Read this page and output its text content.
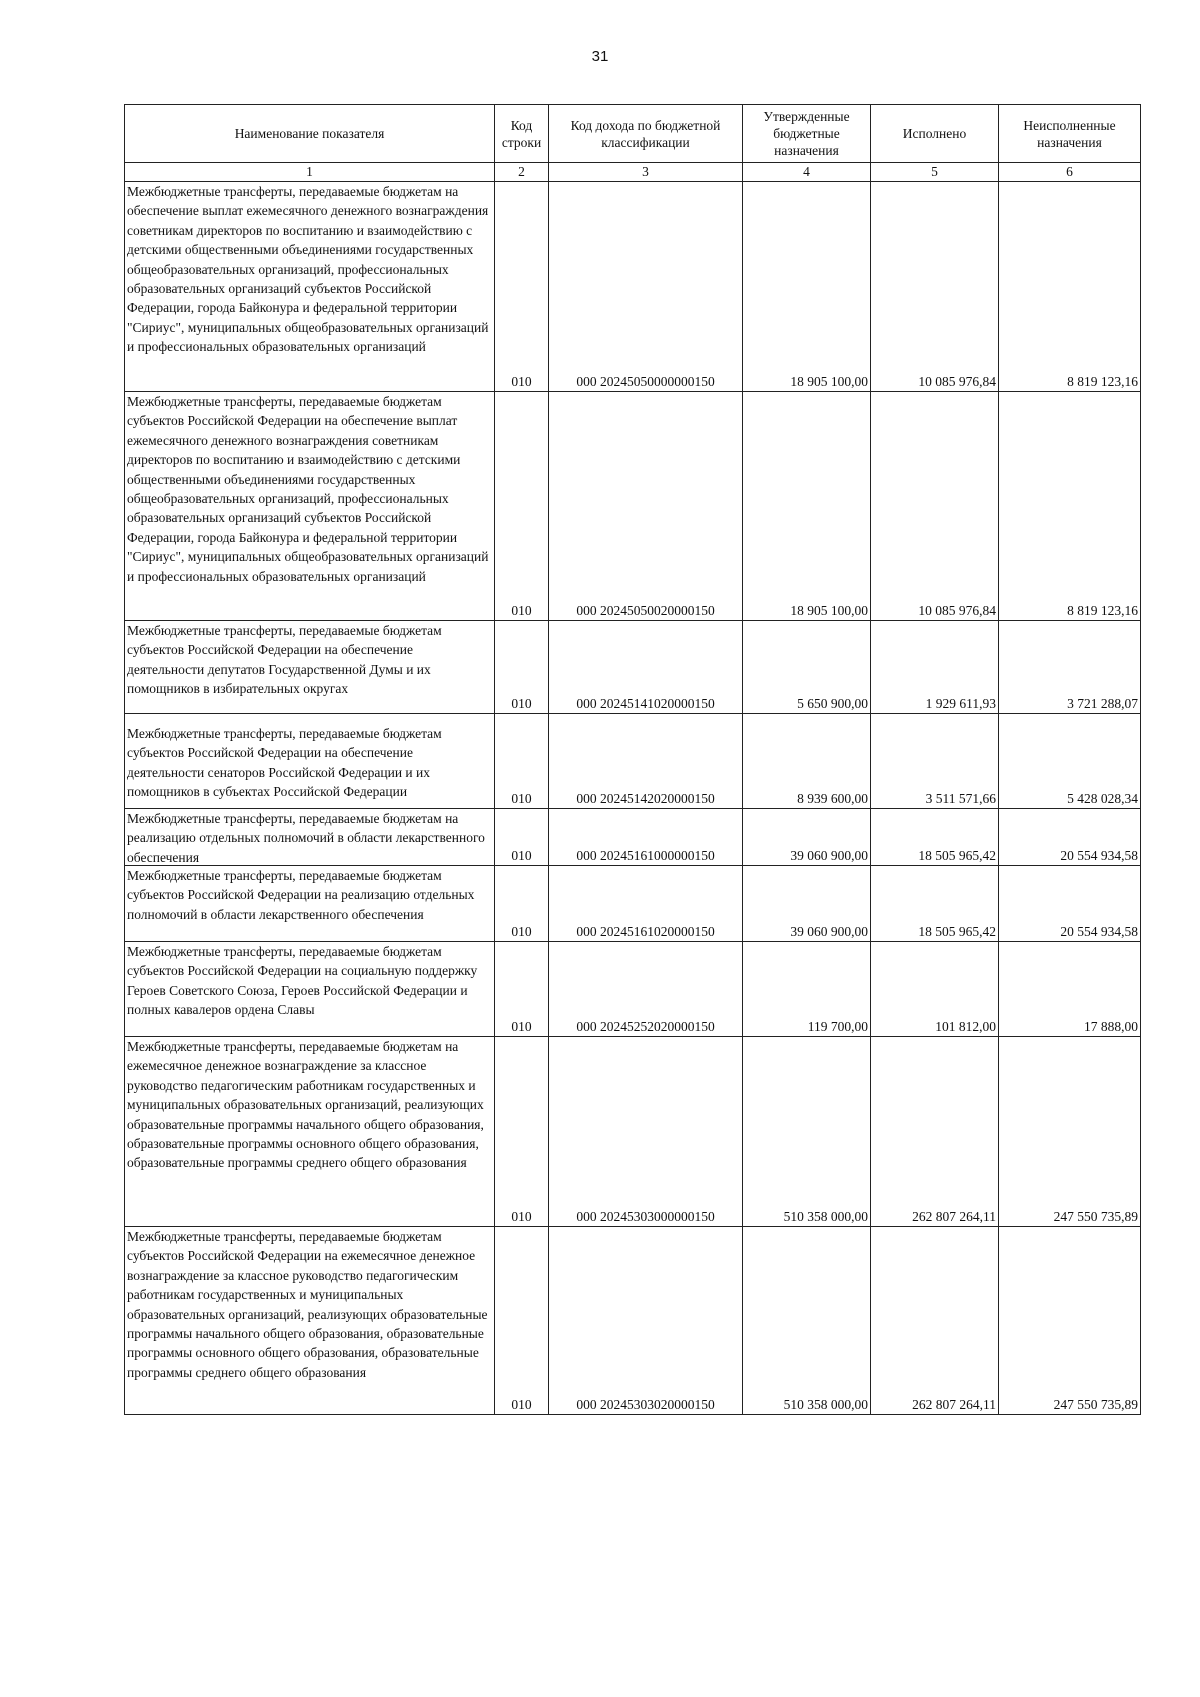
31
Наименование показателя	Код строки	Код дохода по бюджетной классификации	Утвержденные бюджетные назначения	Исполнено	Неисполненные назначения
1	2	3	4	5	6

Межбюджетные трансферты, передаваемые бюджетам на обеспечение выплат ежемесячного денежного вознаграждения советникам директоров по воспитанию и взаимодействию с детскими общественными объединениями государственных общеобразовательных организаций, профессиональных образовательных организаций субъектов Российской Федерации, города Байконура и федеральной территории "Сириус", муниципальных общеобразовательных организаций и профессиональных образовательных организаций	010	000 20245050000000150	18 905 100,00	10 085 976,84	8 819 123,16

Межбюджетные трансферты, передаваемые бюджетам субъектов Российской Федерации на обеспечение выплат ежемесячного денежного вознаграждения советникам директоров по воспитанию и взаимодействию с детскими общественными объединениями государственных общеобразовательных организаций, профессиональных образовательных организаций субъектов Российской Федерации, города Байконура и федеральной территории "Сириус", муниципальных общеобразовательных организаций и профессиональных образовательных организаций	010	000 20245050020000150	18 905 100,00	10 085 976,84	8 819 123,16

Межбюджетные трансферты, передаваемые бюджетам субъектов Российской Федерации на обеспечение деятельности депутатов Государственной Думы и их помощников в избирательных округах	010	000 20245141020000150	5 650 900,00	1 929 611,93	3 721 288,07

Межбюджетные трансферты, передаваемые бюджетам субъектов Российской Федерации на обеспечение деятельности сенаторов Российской Федерации и их помощников в субъектах Российской Федерации	010	000 20245142020000150	8 939 600,00	3 511 571,66	5 428 028,34

Межбюджетные трансферты, передаваемые бюджетам на реализацию отдельных полномочий в области лекарственного обеспечения	010	000 20245161000000150	39 060 900,00	18 505 965,42	20 554 934,58

Межбюджетные трансферты, передаваемые бюджетам субъектов Российской Федерации на реализацию отдельных полномочий в области лекарственного обеспечения	010	000 20245161020000150	39 060 900,00	18 505 965,42	20 554 934,58

Межбюджетные трансферты, передаваемые бюджетам субъектов Российской Федерации на социальную поддержку Героев Советского Союза, Героев Российской Федерации и полных кавалеров ордена Славы	010	000 20245252020000150	119 700,00	101 812,00	17 888,00

Межбюджетные трансферты, передаваемые бюджетам на ежемесячное денежное вознаграждение за классное руководство педагогическим работникам государственных и муниципальных образовательных организаций, реализующих образовательные программы начального общего образования, образовательные программы основного общего образования, образовательные программы среднего общего образования	010	000 20245303000000150	510 358 000,00	262 807 264,11	247 550 735,89

Межбюджетные трансферты, передаваемые бюджетам субъектов Российской Федерации на ежемесячное денежное вознаграждение за классное руководство педагогическим работникам государственных и муниципальных образовательных организаций, реализующих образовательные программы начального общего образования, образовательные программы основного общего образования, образовательные программы среднего общего образования	010	000 20245303020000150	510 358 000,00	262 807 264,11	247 550 735,89
